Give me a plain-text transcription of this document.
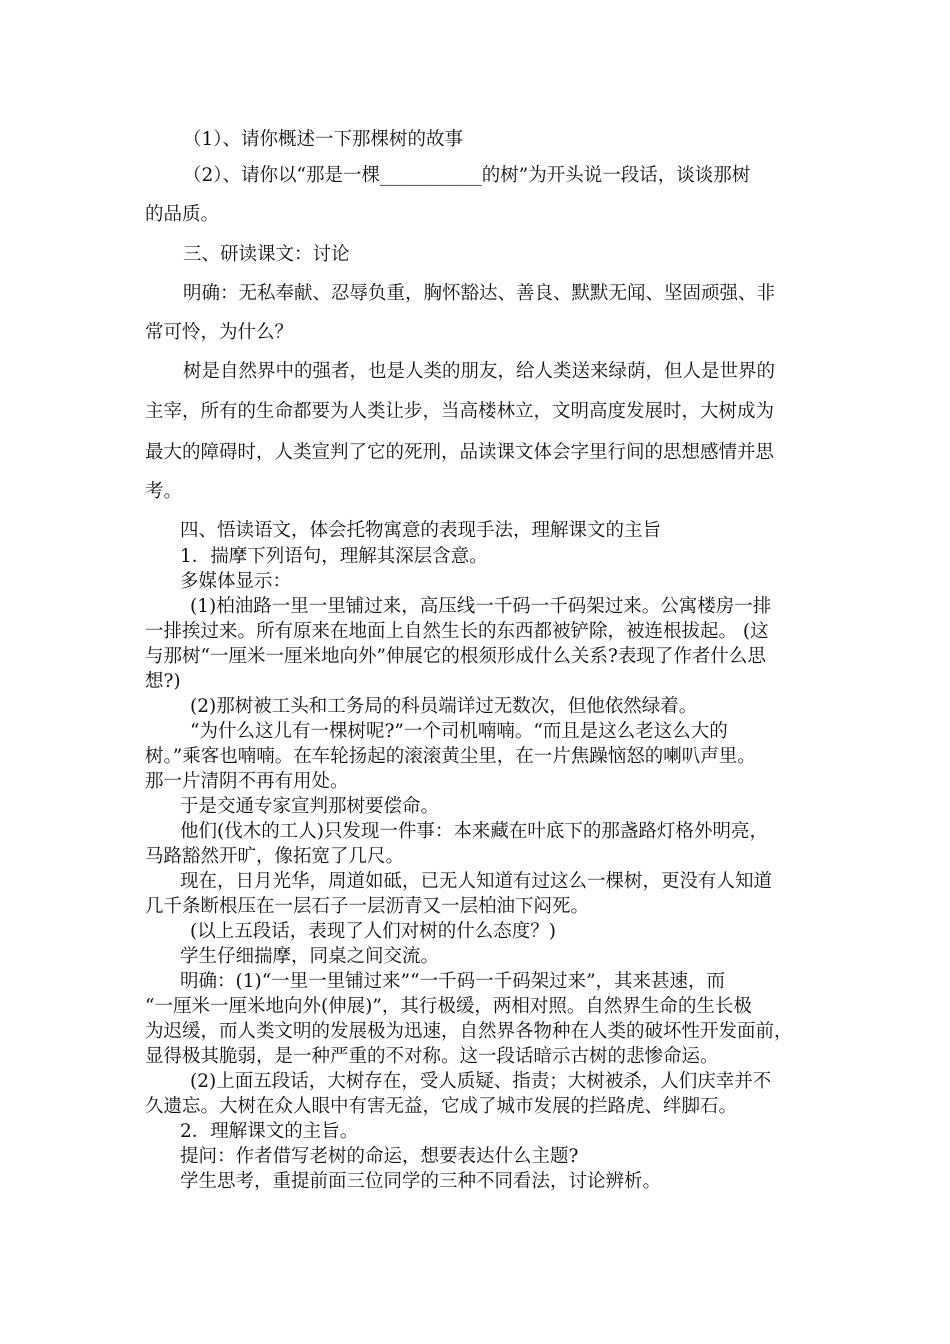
（1）、请你概述一下那棵树的故事
（2）、请你以“那是一棵___________的树”为开头说一段话，谈谈那树
的品质。
三、研读课文：讨论
明确：无私奉献、忍辱负重，胸怀豁达、善良、默默无闻、坚固顽强、非
常可怜，为什么？
树是自然界中的强者，也是人类的朋友，给人类送来绿荫，但人是世界的
主宰，所有的生命都要为人类让步，当高楼林立，文明高度发展时，大树成为
最大的障碍时，人类宣判了它的死刑，品读课文体会字里行间的思想感情并思
考。
四、悟读语文，体会托物寓意的表现手法，理解课文的主旨
1．揣摩下列语句，理解其深层含意。
多媒体显示：
(1)柏油路一里一里铺过来，高压线一千码一千码架过来。公寓楼房一排
一排挨过来。所有原来在地面上自然生长的东西都被铲除，被连根拔起。 (这
与那树“一厘米一厘米地向外”伸展它的根须形成什么关系?表现了作者什么思
想?)
(2)那树被工头和工务局的科员端详过无数次，但他依然绿着。
“为什么这儿有一棵树呢?”一个司机喃喃。“而且是这么老这么大的
树。”乘客也喃喃。在车轮扬起的滚滚黄尘里，在一片焦躁恼怒的喇叭声里。
那一片清阴不再有用处。
于是交通专家宣判那树要偿命。
他们(伐木的工人)只发现一件事：本来藏在叶底下的那盏路灯格外明亮，
马路豁然开旷，像拓宽了几尺。
现在，日月光华，周道如砥，已无人知道有过这么一棵树，更没有人知道
几千条断根压在一层石子一层沥青又一层柏油下闷死。
(以上五段话，表现了人们对树的什么态度？)
学生仔细揣摩，同桌之间交流。
明确：(1)“一里一里铺过来”“一千码一千码架过来”，其来甚速，而
“一厘米一厘米地向外(伸展)”，其行极缓，两相对照。自然界生命的生长极
为迟缓，而人类文明的发展极为迅速，自然界各物种在人类的破坏性开发面前，
显得极其脆弱，是一种严重的不对称。这一段话暗示古树的悲惨命运。
(2)上面五段话，大树存在，受人质疑、指责；大树被杀，人们庆幸并不
久遗忘。大树在众人眼中有害无益，它成了城市发展的拦路虎、绊脚石。
2．理解课文的主旨。
提问：作者借写老树的命运，想要表达什么主题?
学生思考，重提前面三位同学的三种不同看法，讨论辨析。
